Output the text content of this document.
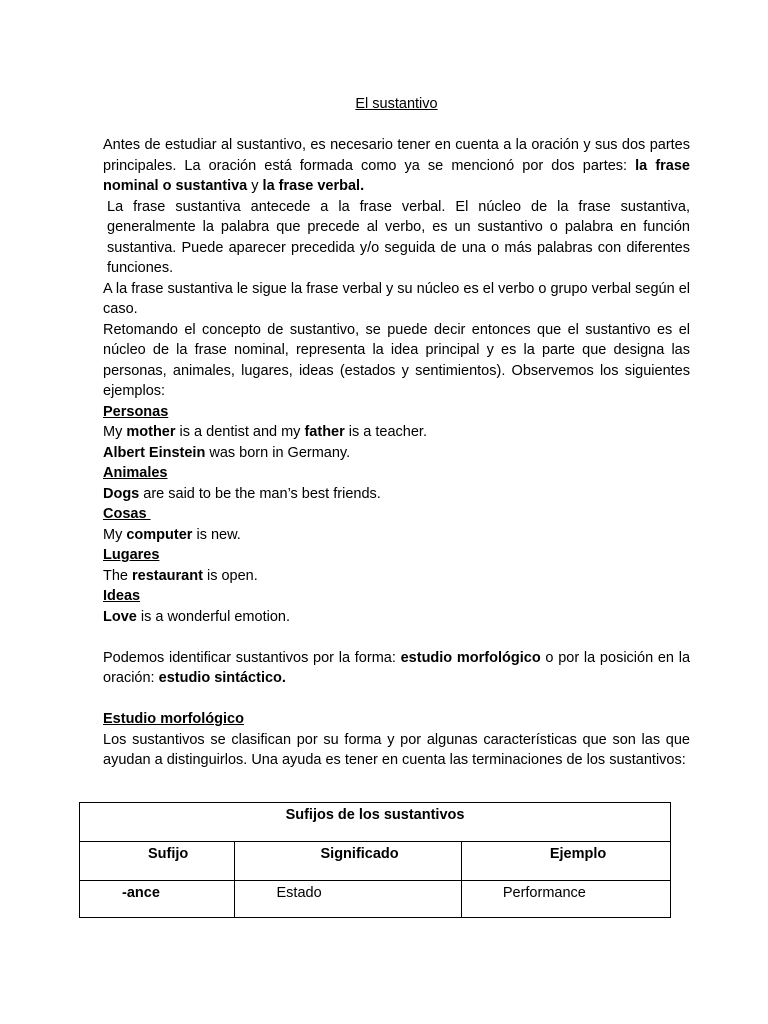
El sustantivo

Antes de estudiar al sustantivo, es necesario tener en cuenta a la oración y sus dos partes principales. La oración está formada como ya se mencionó por dos partes: la frase nominal o sustantiva y la frase verbal.

La frase sustantiva antecede a la frase verbal. El núcleo de la frase sustantiva, generalmente la palabra que precede al verbo, es un sustantivo o palabra en función sustantiva. Puede aparecer precedida y/o seguida de una o más palabras con diferentes funciones.

A la frase sustantiva le sigue la frase verbal y su núcleo es el verbo o grupo verbal según el caso.

Retomando el concepto de sustantivo, se puede decir entonces que el sustantivo es el núcleo de la frase nominal, representa la idea principal y es la parte que designa las personas, animales, lugares, ideas (estados y sentimientos). Observemos los siguientes ejemplos:

Personas

My mother is a dentist and my father is a teacher.

Albert Einstein was born in Germany.

Animales

Dogs are said to be the man’s best friends.

Cosas

My computer is new.

Lugares

The restaurant is open.

Ideas

Love is a wonderful emotion.

Podemos identificar sustantivos por la forma: estudio morfológico o por la posición en la oración: estudio sintáctico.

Estudio morfológico

Los sustantivos se clasifican por su forma y por algunas características que son las que ayudan a distinguirlos. Una ayuda es tener en cuenta las terminaciones de los sustantivos:

Sufijos de los sustantivos		
Sufijo	Significado	Ejemplo
-ance	Estado	Performance
